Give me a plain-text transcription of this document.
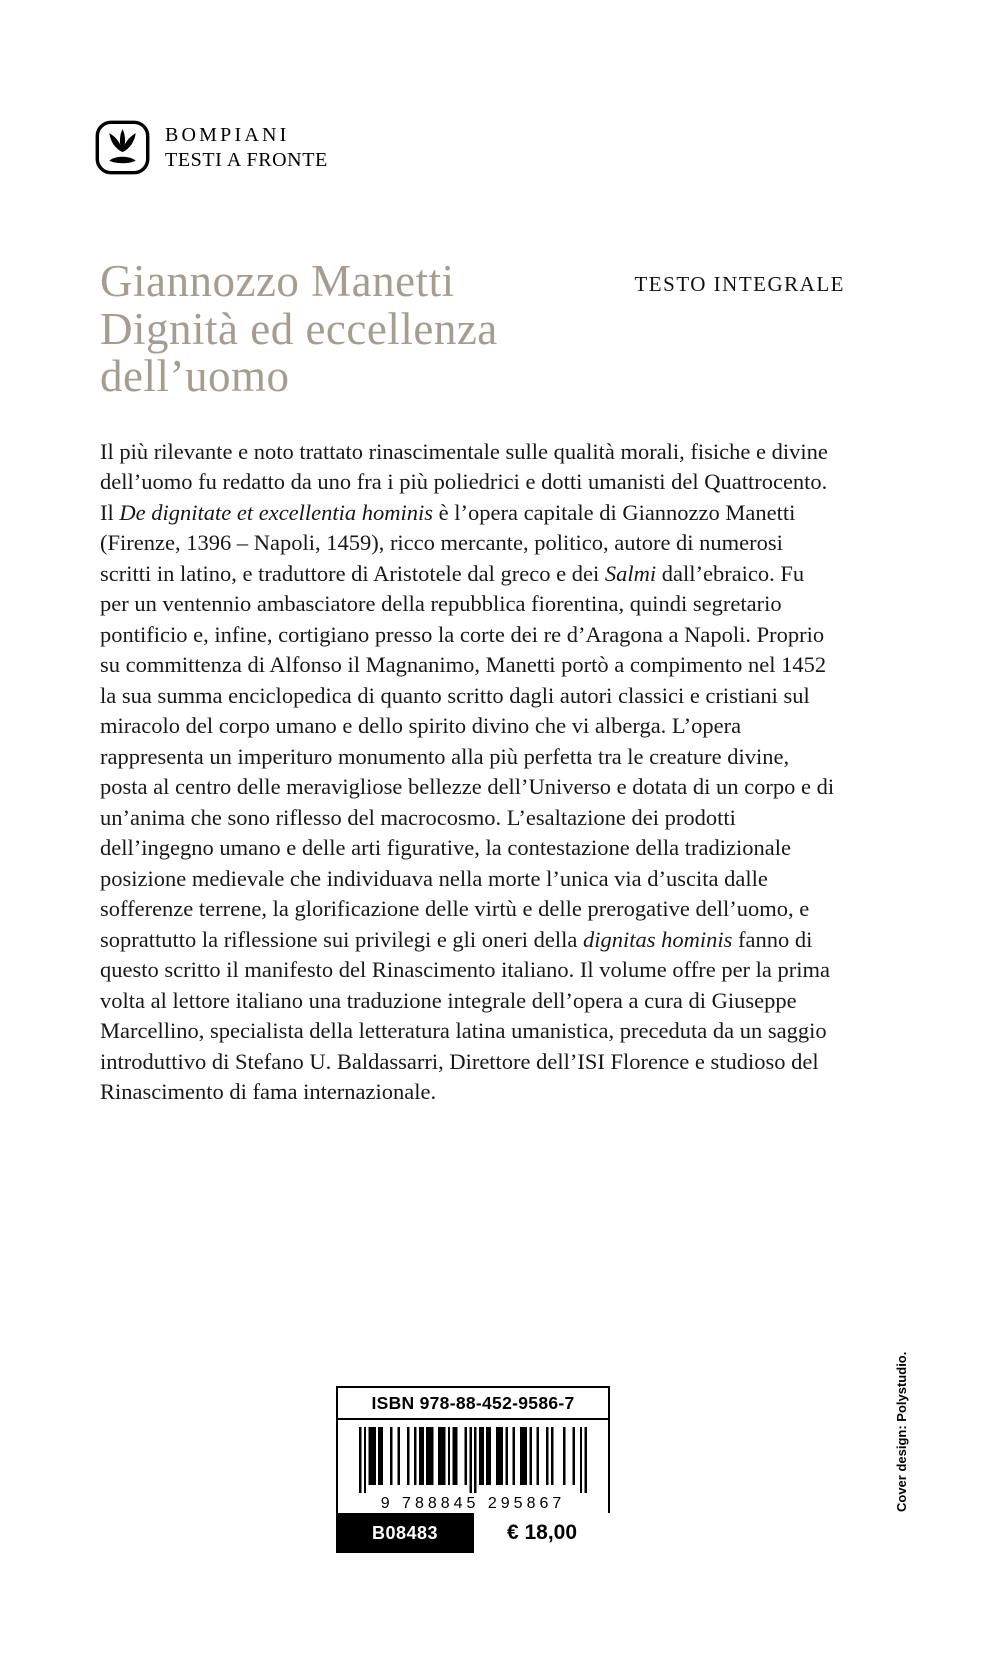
BOMPIANI
TESTI A FRONTE
Giannozzo Manetti
Dignità ed eccellenza
dell’uomo
TESTO INTEGRALE

Il più rilevante e noto trattato rinascimentale sulle qualità morali, fisiche e divine dell’uomo fu redatto da uno fra i più poliedrici e dotti umanisti del Quattrocento. Il De dignitate et excellentia hominis è l’opera capitale di Giannozzo Manetti (Firenze, 1396 – Napoli, 1459), ricco mercante, politico, autore di numerosi scritti in latino, e traduttore di Aristotele dal greco e dei Salmi dall’ebraico. Fu per un ventennio ambasciatore della repubblica fiorentina, quindi segretario pontificio e, infine, cortigiano presso la corte dei re d’Aragona a Napoli. Proprio su committenza di Alfonso il Magnanimo, Manetti portò a compimento nel 1452 la sua summa enciclopedica di quanto scritto dagli autori classici e cristiani sul miracolo del corpo umano e dello spirito divino che vi alberga. L’opera rappresenta un imperituro monumento alla più perfetta tra le creature divine, posta al centro delle meravigliose bellezze dell’Universo e dotata di un corpo e di un’anima che sono riflesso del macrocosmo. L’esaltazione dei prodotti dell’ingegno umano e delle arti figurative, la contestazione della tradizionale posizione medievale che individuava nella morte l’unica via d’uscita dalle sofferenze terrene, la glorificazione delle virtù e delle prerogative dell’uomo, e soprattutto la riflessione sui privilegi e gli oneri della dignitas hominis fanno di questo scritto il manifesto del Rinascimento italiano. Il volume offre per la prima volta al lettore italiano una traduzione integrale dell’opera a cura di Giuseppe Marcellino, specialista della letteratura latina umanistica, preceduta da un saggio introduttivo di Stefano U. Baldassarri, Direttore dell’ISI Florence e studioso del Rinascimento di fama internazionale.

ISBN 978-88-452-9586-7
9 788845 295867
B08483	€ 18,00
Cover design: Polystudio.
